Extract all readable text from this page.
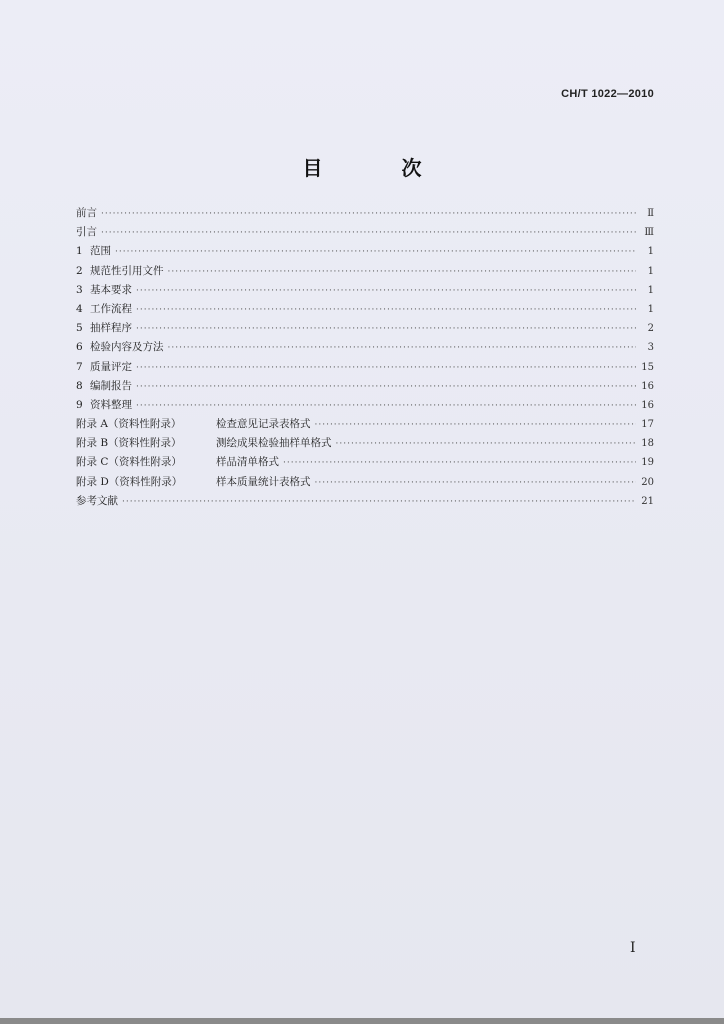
CH/T 1022—2010
目 次
前言 ·····	Ⅱ
引言 ·····	Ⅲ
1 范围 ·····	1
2 规范性引用文件 ·····	1
3 基本要求 ·····	1
4 工作流程 ·····	1
5 抽样程序 ·····	2
6 检验内容及方法 ·····	3
7 质量评定 ·····	15
8 编制报告 ·····	16
9 资料整理 ·····	16
附录 A（资料性附录）	检查意见记录表格式 ·····	17
附录 B（资料性附录）	测绘成果检验抽样单格式 ·····	18
附录 C（资料性附录）	样品清单格式 ·····	19
附录 D（资料性附录）	样本质量统计表格式 ·····	20
参考文献 ·····	21
I
